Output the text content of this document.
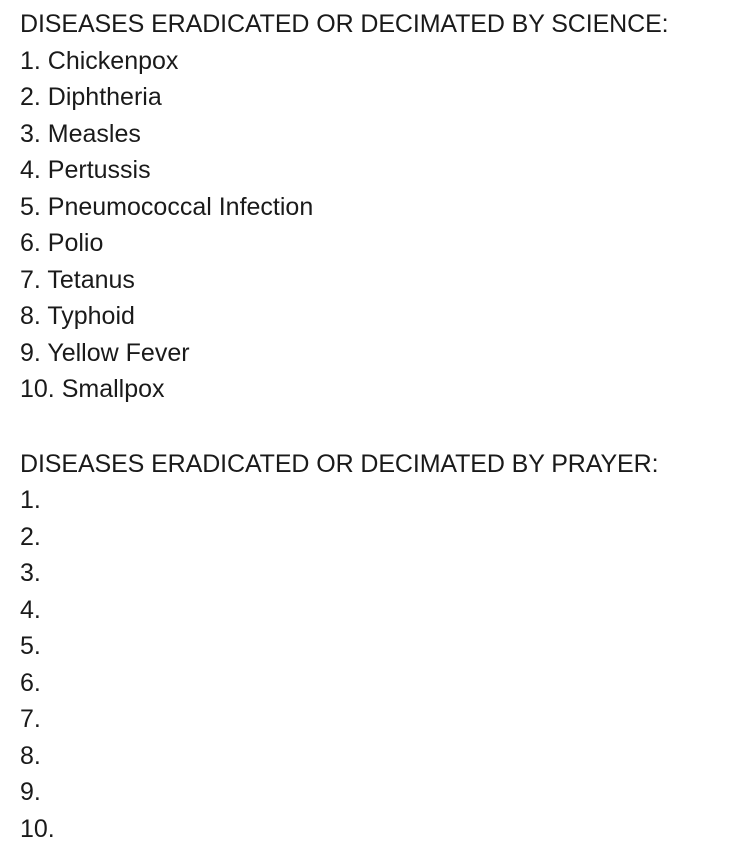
DISEASES ERADICATED OR DECIMATED BY SCIENCE:
1. Chickenpox
2. Diphtheria
3. Measles
4. Pertussis
5. Pneumococcal Infection
6. Polio
7. Tetanus
8. Typhoid
9. Yellow Fever
10. Smallpox
DISEASES ERADICATED OR DECIMATED BY PRAYER:
1.
2.
3.
4.
5.
6.
7.
8.
9.
10.
